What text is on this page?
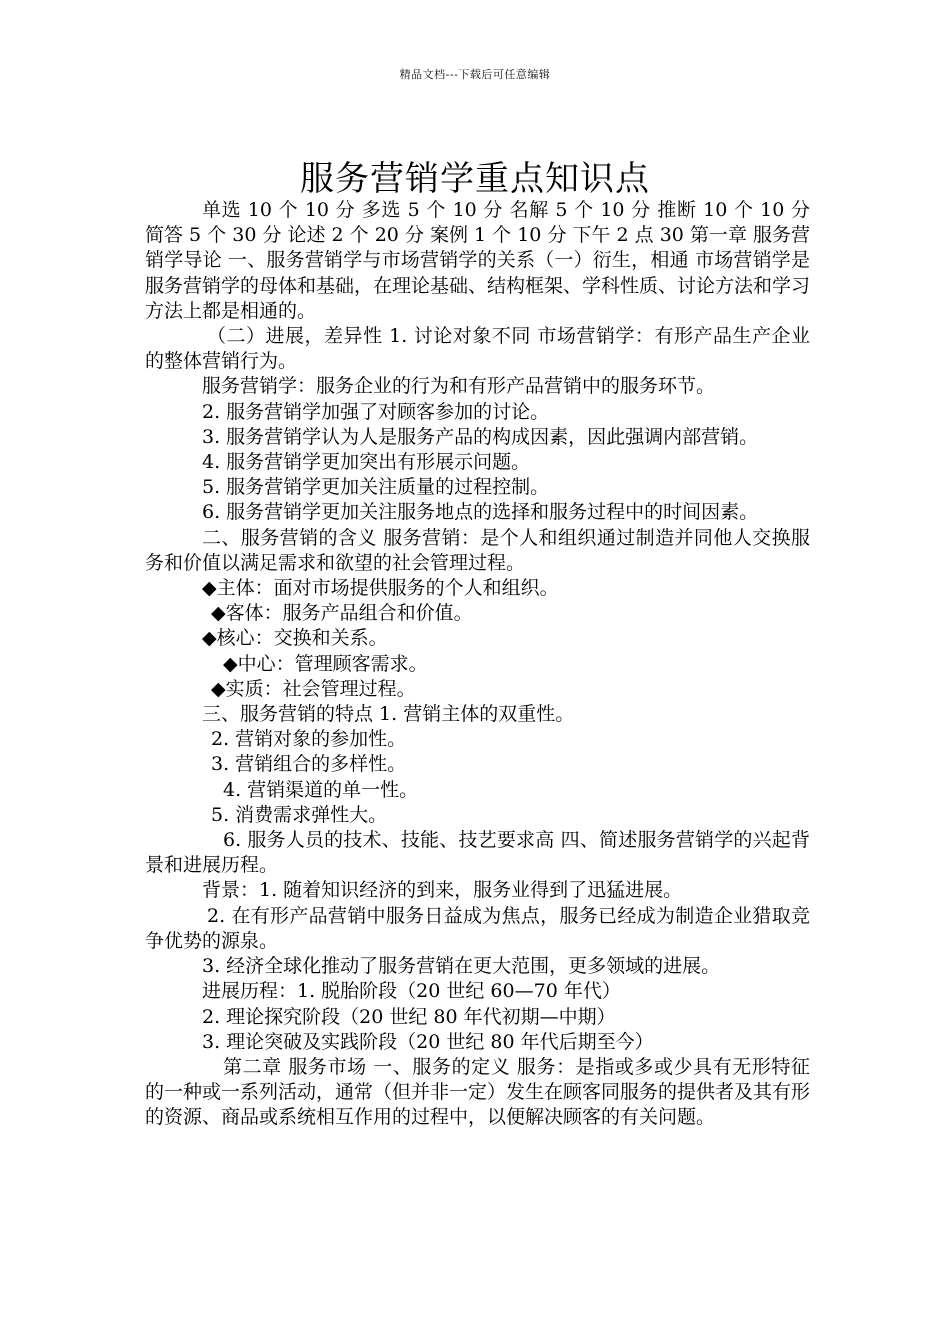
精品文档---下载后可任意编辑
服务营销学重点知识点

单选 10 个 10 分 多选 5 个 10 分 名解 5 个 10 分 推断 10 个 10 分 简答 5 个 30 分 论述 2 个 20 分 案例 1 个 10 分 下午 2 点 30 第一章 服务营销学导论 一、服务营销学与市场营销学的关系（一）衍生，相通 市场营销学是服务营销学的母体和基础，在理论基础、结构框架、学科性质、讨论方法和学习方法上都是相通的。

（二）进展，差异性 1. 讨论对象不同 市场营销学：有形产品生产企业的整体营销行为。

服务营销学：服务企业的行为和有形产品营销中的服务环节。

2. 服务营销学加强了对顾客参加的讨论。

3. 服务营销学认为人是服务产品的构成因素，因此强调内部营销。

4. 服务营销学更加突出有形展示问题。

5. 服务营销学更加关注质量的过程控制。

6. 服务营销学更加关注服务地点的选择和服务过程中的时间因素。

二、服务营销的含义 服务营销：是个人和组织通过制造并同他人交换服务和价值以满足需求和欲望的社会管理过程。

◆主体：面对市场提供服务的个人和组织。

◆客体：服务产品组合和价值。

◆核心：交换和关系。

◆中心：管理顾客需求。

◆实质：社会管理过程。

三、服务营销的特点 1. 营销主体的双重性。

2. 营销对象的参加性。

3. 营销组合的多样性。

4. 营销渠道的单一性。

5. 消费需求弹性大。

6. 服务人员的技术、技能、技艺要求高 四、简述服务营销学的兴起背景和进展历程。

背景：1. 随着知识经济的到来，服务业得到了迅猛进展。

2. 在有形产品营销中服务日益成为焦点，服务已经成为制造企业猎取竞争优势的源泉。

3. 经济全球化推动了服务营销在更大范围，更多领域的进展。

进展历程：1. 脱胎阶段（20 世纪 60—70 年代）

2. 理论探究阶段（20 世纪 80 年代初期—中期）

3. 理论突破及实践阶段（20 世纪 80 年代后期至今）

第二章 服务市场 一、服务的定义 服务：是指或多或少具有无形特征的一种或一系列活动，通常（但并非一定）发生在顾客同服务的提供者及其有形的资源、商品或系统相互作用的过程中，以便解决顾客的有关问题。
